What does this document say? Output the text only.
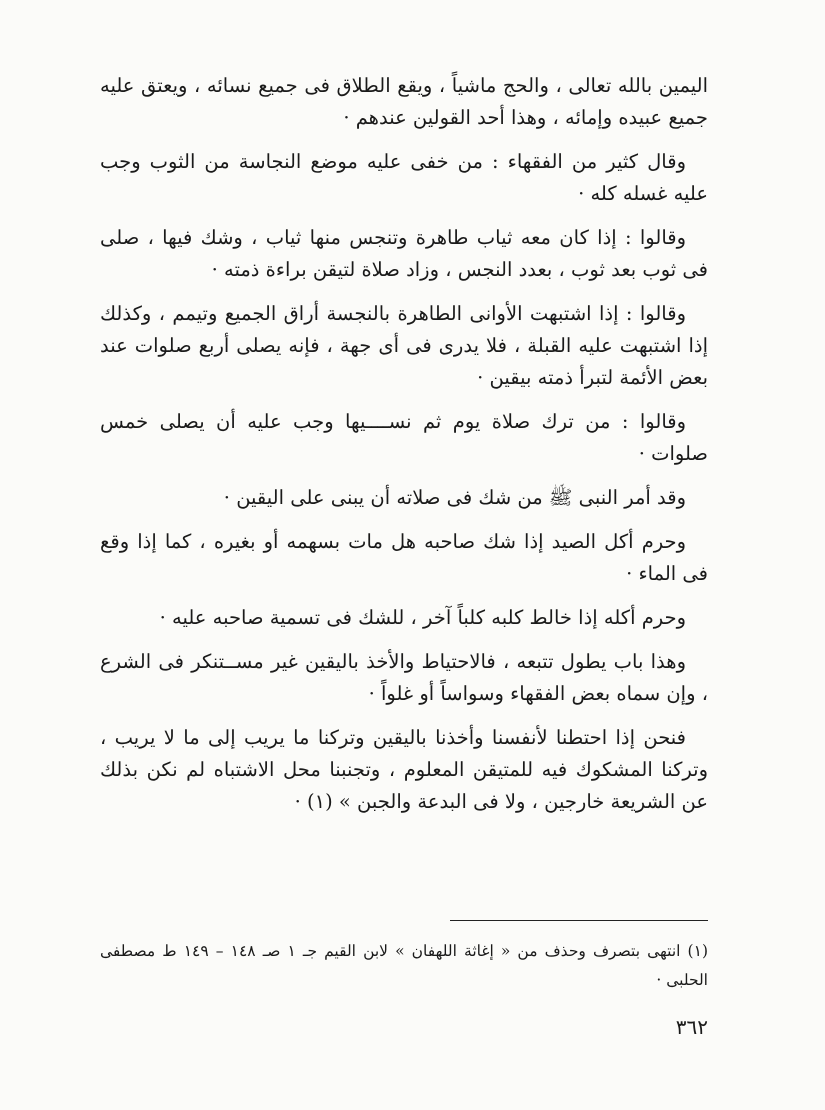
اليمين بالله تعالى ، والحج ماشياً ، ويقع الطلاق فى جميع نسائه ، ويعتق عليه جميع عبيده وإمائه ، وهذا أحد القولين عندهم ·

وقال كثير من الفقهاء : من خفى عليه موضع النجاسة من الثوب وجب عليه غسله كله ·

وقالوا : إذا كان معه ثياب طاهرة وتنجس منها ثياب ، وشك فيها ، صلى فى ثوب بعد ثوب ، بعدد النجس ، وزاد صلاة لتيقن براءة ذمته ·

وقالوا : إذا اشتبهت الأوانى الطاهرة بالنجسة أراق الجميع وتيمم ، وكذلك إذا اشتبهت عليه القبلة ، فلا يدرى فى أى جهة ، فإنه يصلى أربع صلوات عند بعض الأئمة لتبرأ ذمته بيقين ·

وقالوا : من ترك صلاة يوم ثم نســــيها وجب عليه أن يصلى خمس صلوات ·

وقد أمر النبى ﷺ من شك فى صلاته أن يبنى على اليقين ·

وحرم أكل الصيد إذا شك صاحبه هل مات بسهمه أو بغيره ، كما إذا وقع فى الماء ·

وحرم أكله إذا خالط كلبه كلباً آخر ، للشك فى تسمية صاحبه عليه ·

وهذا باب يطول تتبعه ، فالاحتياط والأخذ باليقين غير مســتنكر فى الشرع ، وإن سماه بعض الفقهاء وسواساً أو غلواً ·

فنحن إذا احتطنا لأنفسنا وأخذنا باليقين وتركنا ما يريب إلى ما لا يريب ، وتركنا المشكوك فيه للمتيقن المعلوم ، وتجنبنا محل الاشتباه لم نكن بذلك عن الشريعة خارجين ، ولا فى البدعة والجبن » (١) ·

(١) انتهى بتصرف وحذف من « إغاثة اللهفان » لابن القيم جـ ١ صـ ١٤٨ – ١٤٩ ط مصطفى الحلبى ·
٣٦٢
